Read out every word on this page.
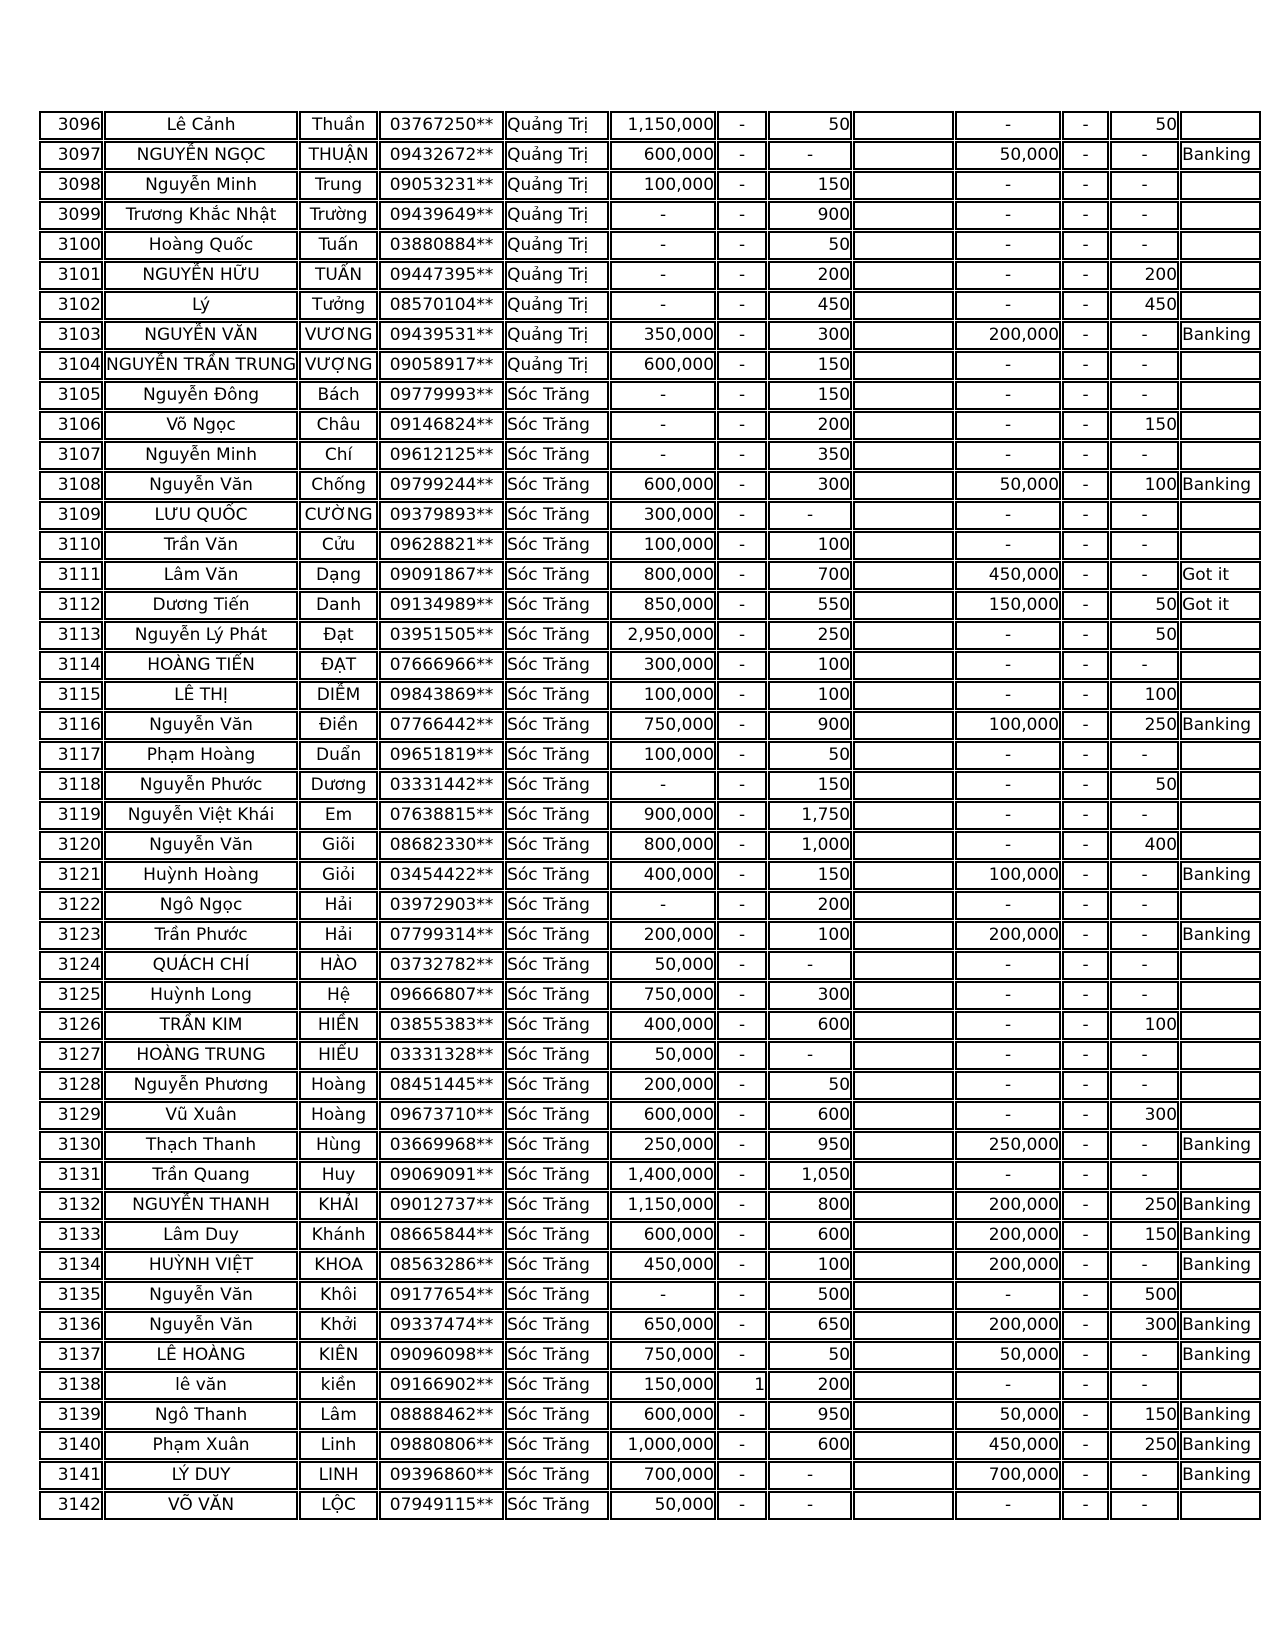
3096	Lê Cảnh	Thuần	03767250**	Quảng Trị	1,150,000	-	50		-	-	50	
3097	NGUYỄN NGỌC	THUẬN	09432672**	Quảng Trị	600,000	-	-		50,000	-	-	Banking
3098	Nguyễn Minh	Trung	09053231**	Quảng Trị	100,000	-	150		-	-	-	
3099	Trương Khắc Nhật	Trường	09439649**	Quảng Trị	-	-	900		-	-	-	
3100	Hoàng Quốc	Tuấn	03880884**	Quảng Trị	-	-	50		-	-	-	
3101	NGUYỄN HỮU	TUẤN	09447395**	Quảng Trị	-	-	200		-	-	200	
3102	Lý	Tưởng	08570104**	Quảng Trị	-	-	450		-	-	450	
3103	NGUYỄN VĂN	VƯƠNG	09439531**	Quảng Trị	350,000	-	300		200,000	-	-	Banking
3104	NGUYỄN TRẦN TRUNG	VƯỢNG	09058917**	Quảng Trị	600,000	-	150		-	-	-	
3105	Nguyễn Đông	Bách	09779993**	Sóc Trăng	-	-	150		-	-	-	
3106	Võ Ngọc	Châu	09146824**	Sóc Trăng	-	-	200		-	-	150	
3107	Nguyễn Minh	Chí	09612125**	Sóc Trăng	-	-	350		-	-	-	
3108	Nguyễn Văn	Chống	09799244**	Sóc Trăng	600,000	-	300		50,000	-	100	Banking
3109	LƯU QUỐC	CƯỜNG	09379893**	Sóc Trăng	300,000	-	-		-	-	-	
3110	Trần Văn	Cửu	09628821**	Sóc Trăng	100,000	-	100		-	-	-	
3111	Lâm Văn	Dạng	09091867**	Sóc Trăng	800,000	-	700		450,000	-	-	Got it
3112	Dương Tiến	Danh	09134989**	Sóc Trăng	850,000	-	550		150,000	-	50	Got it
3113	Nguyễn Lý Phát	Đạt	03951505**	Sóc Trăng	2,950,000	-	250		-	-	50	
3114	HOÀNG TIẾN	ĐẠT	07666966**	Sóc Trăng	300,000	-	100		-	-	-	
3115	LÊ THỊ	DIỄM	09843869**	Sóc Trăng	100,000	-	100		-	-	100	
3116	Nguyễn Văn	Điền	07766442**	Sóc Trăng	750,000	-	900		100,000	-	250	Banking
3117	Phạm Hoàng	Duẩn	09651819**	Sóc Trăng	100,000	-	50		-	-	-	
3118	Nguyễn Phước	Dương	03331442**	Sóc Trăng	-	-	150		-	-	50	
3119	Nguyễn Việt Khái	Em	07638815**	Sóc Trăng	900,000	-	1,750		-	-	-	
3120	Nguyễn Văn	Giõi	08682330**	Sóc Trăng	800,000	-	1,000		-	-	400	
3121	Huỳnh Hoàng	Giỏi	03454422**	Sóc Trăng	400,000	-	150		100,000	-	-	Banking
3122	Ngô Ngọc	Hải	03972903**	Sóc Trăng	-	-	200		-	-	-	
3123	Trần Phước	Hải	07799314**	Sóc Trăng	200,000	-	100		200,000	-	-	Banking
3124	QUÁCH CHÍ	HÀO	03732782**	Sóc Trăng	50,000	-	-		-	-	-	
3125	Huỳnh Long	Hệ	09666807**	Sóc Trăng	750,000	-	300		-	-	-	
3126	TRẦN KIM	HIỀN	03855383**	Sóc Trăng	400,000	-	600		-	-	100	
3127	HOÀNG TRUNG	HIẾU	03331328**	Sóc Trăng	50,000	-	-		-	-	-	
3128	Nguyễn Phương	Hoàng	08451445**	Sóc Trăng	200,000	-	50		-	-	-	
3129	Vũ Xuân	Hoàng	09673710**	Sóc Trăng	600,000	-	600		-	-	300	
3130	Thạch Thanh	Hùng	03669968**	Sóc Trăng	250,000	-	950		250,000	-	-	Banking
3131	Trần Quang	Huy	09069091**	Sóc Trăng	1,400,000	-	1,050		-	-	-	
3132	NGUYỄN THANH	KHẢI	09012737**	Sóc Trăng	1,150,000	-	800		200,000	-	250	Banking
3133	Lâm Duy	Khánh	08665844**	Sóc Trăng	600,000	-	600		200,000	-	150	Banking
3134	HUỲNH VIỆT	KHOA	08563286**	Sóc Trăng	450,000	-	100		200,000	-	-	Banking
3135	Nguyễn Văn	Khôi	09177654**	Sóc Trăng	-	-	500		-	-	500	
3136	Nguyễn Văn	Khởi	09337474**	Sóc Trăng	650,000	-	650		200,000	-	300	Banking
3137	LÊ HOÀNG	KIÊN	09096098**	Sóc Trăng	750,000	-	50		50,000	-	-	Banking
3138	lê văn	kiền	09166902**	Sóc Trăng	150,000	1	200		-	-	-	
3139	Ngô Thanh	Lâm	08888462**	Sóc Trăng	600,000	-	950		50,000	-	150	Banking
3140	Phạm Xuân	Linh	09880806**	Sóc Trăng	1,000,000	-	600		450,000	-	250	Banking
3141	LÝ DUY	LINH	09396860**	Sóc Trăng	700,000	-	-		700,000	-	-	Banking
3142	VÕ VĂN	LỘC	07949115**	Sóc Trăng	50,000	-	-		-	-	-	
